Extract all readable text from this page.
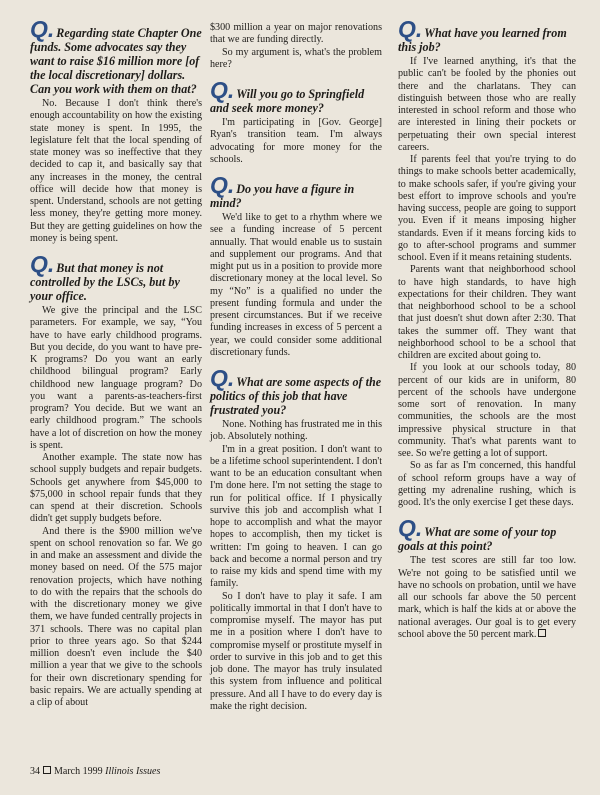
Q. Regarding state Chapter One funds. Some advocates say they want to raise $16 million more [of the local discretionary] dollars. Can you work with them on that?

No. Because I don't think there's enough accountability on how the existing state money is spent. In 1995, the legislature felt that the local spending of state money was so ineffective that they decided to cap it, and basically say that any increases in the money, the central office will decide how that money is spent. Understand, schools are not getting less money, they're getting more money. But they are getting guidelines on how the money is being spent.

Q. But that money is not controlled by the LSCs, but by your office.

We give the principal and the LSC parameters. For example, we say, “You have to have early childhood programs. But you decide, do you want to have pre-K programs? Do you want an early childhood bilingual program? Early childhood new language program? Do you want a parents-as-teachers-first program? You decide. But we want an early childhood program.” The schools have a lot of discretion on how the money is spent.

Another example. The state now has school supply budgets and repair budgets. Schools get anywhere from $45,000 to $75,000 in school repair funds that they can spend at their discretion. Schools didn't get supply budgets before.

And there is the $900 million we've spent on school renovation so far. We go in and make an assessment and divide the money based on need. Of the 575 major renovation projects, which have nothing to do with the repairs that the schools do with the discretionary money we give them, we have funded centrally projects in 371 schools. There was no capital plan prior to three years ago. So that $244 million doesn't even include the $40 million a year that we give to the schools for their own discretionary spending for basic repairs. We are actually spending at a clip of about

$300 million a year on major renovations that we are funding directly.

So my argument is, what's the problem here?

Q. Will you go to Springfield and seek more money?

I'm participating in [Gov. George] Ryan's transition team. I'm always advocating for more money for the schools.

Q. Do you have a figure in mind?

We'd like to get to a rhythm where we see a funding increase of 5 percent annually. That would enable us to sustain and supplement our programs. And that might put us in a position to provide more discretionary money at the local level. So my “No” is a qualified no under the present funding formula and under the present circumstances. But if we receive funding increases in excess of 5 percent a year, we could consider some additional discretionary funds.

Q. What are some aspects of the politics of this job that have frustrated you?

None. Nothing has frustrated me in this job. Absolutely nothing.

I'm in a great position. I don't want to be a lifetime school superintendent. I don't want to be an education consultant when I'm done here. I'm not setting the stage to run for political office. If I physically survive this job and accomplish what I hope to accomplish and what the mayor hopes to accomplish, then my ticket is written: I'm going to heaven. I can go back and become a normal person and try to raise my kids and spend time with my family.

So I don't have to play it safe. I am politically immortal in that I don't have to compromise myself. The mayor has put me in a position where I don't have to compromise myself or prostitute myself in order to survive in this job and to get this job done. The mayor has truly insulated this system from influence and political pressure. And all I have to do every day is make the right decision.

Q. What have you learned from this job?

If I've learned anything, it's that the public can't be fooled by the phonies out there and the charlatans. They can distinguish between those who are really interested in school reform and those who are interested in lining their pockets or perpetuating their own special interest careers.

If parents feel that you're trying to do things to make schools better academically, to make schools safer, if you're giving your best effort to improve schools and you're having success, people are going to support you. Even if it means imposing higher standards. Even if it means forcing kids to go to after-school programs and summer school. Even if it means retaining students.

Parents want that neighborhood school to have high standards, to have high expectations for their children. They want that neighborhood school to be a school that just doesn't shut down after 2:30. That takes the summer off. They want that neighborhood school to be a school that children are excited about going to.

If you look at our schools today, 80 percent of our kids are in uniform, 80 percent of the schools have undergone some sort of renovation. In many communities, the schools are the most impressive physical structure in that community. That's what parents want to see. So we're getting a lot of support.

So as far as I'm concerned, this handful of school reform groups have a way of getting my adrenaline rushing, which is good. It's the only exercise I get these days.

Q. What are some of your top goals at this point?

The test scores are still far too low. We're not going to be satisfied until we have no schools on probation, until we have all our schools far above the 50 percent mark, which is half the kids at or above the national averages. Our goal is to get every school above the 50 percent mark.

34 March 1999 Illinois Issues
